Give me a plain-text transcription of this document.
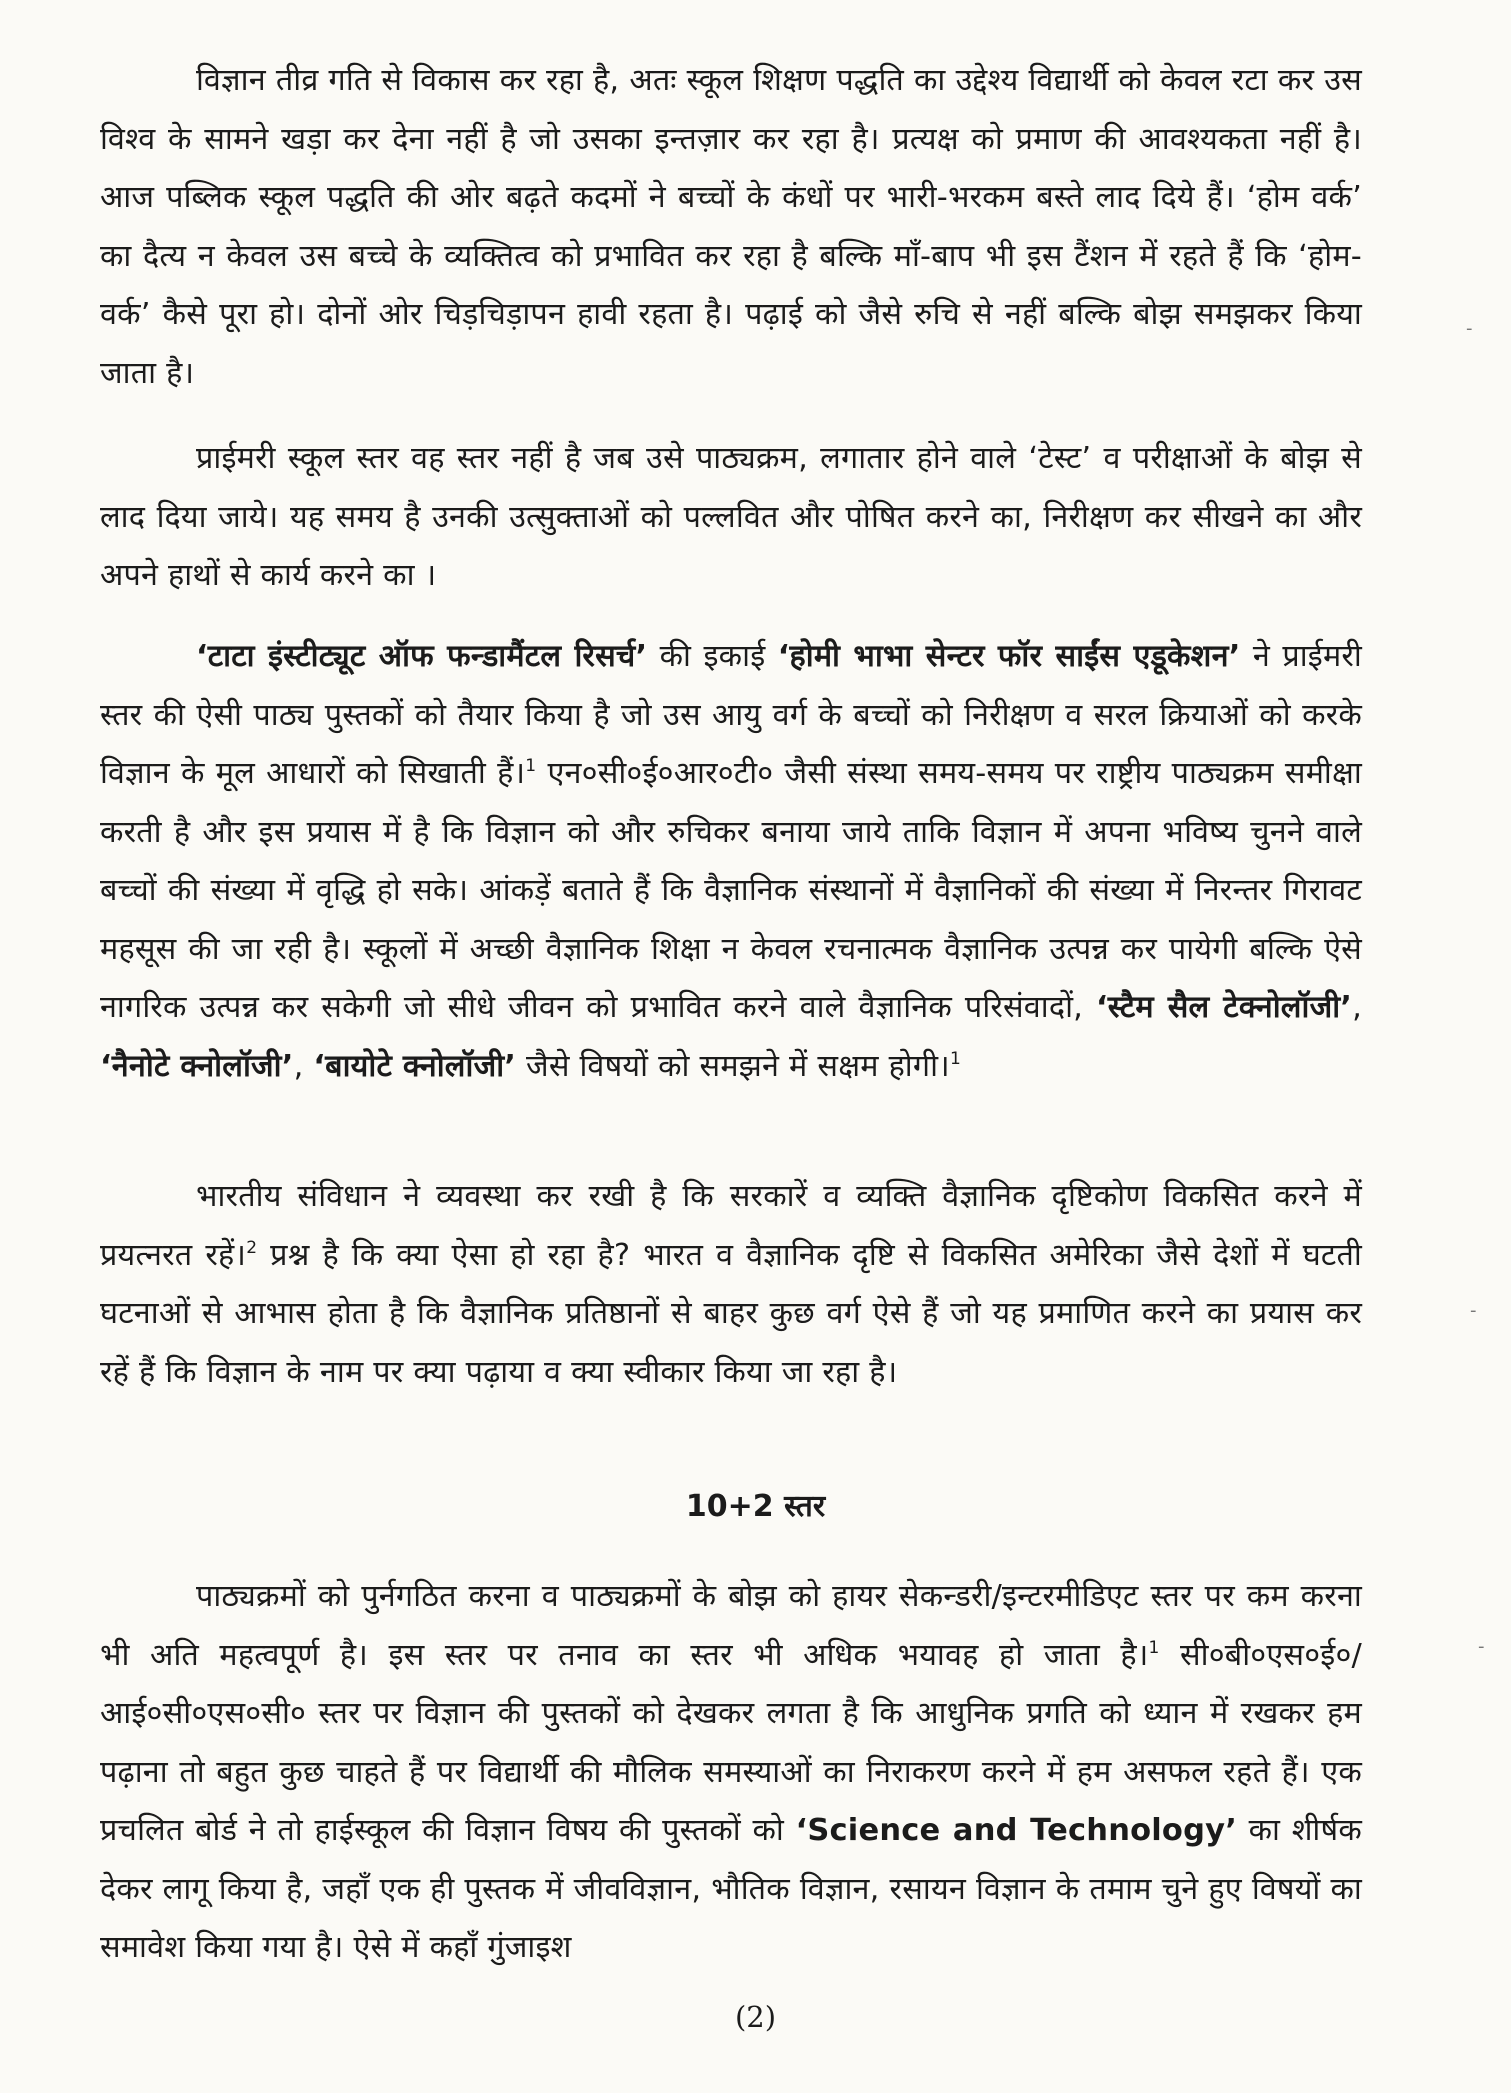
विज्ञान तीव्र गति से विकास कर रहा है, अतः स्कूल शिक्षण पद्धति का उद्देश्य विद्यार्थी को केवल रटा कर उस विश्व के सामने खड़ा कर देना नहीं है जो उसका इन्तज़ार कर रहा है। प्रत्यक्ष को प्रमाण की आवश्यकता नहीं है। आज पब्लिक स्कूल पद्धति की ओर बढ़ते कदमों ने बच्चों के कंधों पर भारी-भरकम बस्ते लाद दिये हैं। ‘होम वर्क’ का दैत्य न केवल उस बच्चे के व्यक्तित्व को प्रभावित कर रहा है बल्कि माँ-बाप भी इस टैंशन में रहते हैं कि ‘होम-वर्क’ कैसे पूरा हो। दोनों ओर चिड़चिड़ापन हावी रहता है। पढ़ाई को जैसे रुचि से नहीं बल्कि बोझ समझकर किया जाता है।

प्राईमरी स्कूल स्तर वह स्तर नहीं है जब उसे पाठ्यक्रम, लगातार होने वाले ‘टेस्ट’ व परीक्षाओं के बोझ से लाद दिया जाये। यह समय है उनकी उत्सुक्ताओं को पल्लवित और पोषित करने का, निरीक्षण कर सीखने का और अपने हाथों से कार्य करने का ।

‘टाटा इंस्टीट्यूट ऑफ फन्डामैंटल रिसर्च’ की इकाई ‘होमी भाभा सेन्टर फॉर साईंस एडूकेशन’ ने प्राईमरी स्तर की ऐसी पाठ्य पुस्तकों को तैयार किया है जो उस आयु वर्ग के बच्चों को निरीक्षण व सरल क्रियाओं को करके विज्ञान के मूल आधारों को सिखाती हैं।$^1$ एन०सी०ई०आर०टी० जैसी संस्था समय-समय पर राष्ट्रीय पाठ्यक्रम समीक्षा करती है और इस प्रयास में है कि विज्ञान को और रुचिकर बनाया जाये ताकि विज्ञान में अपना भविष्य चुनने वाले बच्चों की संख्या में वृद्धि हो सके। आंकड़ें बताते हैं कि वैज्ञानिक संस्थानों में वैज्ञानिकों की संख्या में निरन्तर गिरावट महसूस की जा रही है। स्कूलों में अच्छी वैज्ञानिक शिक्षा न केवल रचनात्मक वैज्ञानिक उत्पन्न कर पायेगी बल्कि ऐसे नागरिक उत्पन्न कर सकेगी जो सीधे जीवन को प्रभावित करने वाले वैज्ञानिक परिसंवादों, ‘स्टैम सैल टेक्नोलॉजी’, ‘नैनोटे क्नोलॉजी’, ‘बायोटे क्नोलॉजी’ जैसे विषयों को समझने में सक्षम होगी।$^1$

भारतीय संविधान ने व्यवस्था कर रखी है कि सरकारें व व्यक्ति वैज्ञानिक दृष्टिकोण विकसित करने में प्रयत्नरत रहें।$^2$ प्रश्न है कि क्या ऐसा हो रहा है? भारत व वैज्ञानिक दृष्टि से विकसित अमेरिका जैसे देशों में घटती घटनाओं से आभास होता है कि वैज्ञानिक प्रतिष्ठानों से बाहर कुछ वर्ग ऐसे हैं जो यह प्रमाणित करने का प्रयास कर रहें हैं कि विज्ञान के नाम पर क्या पढ़ाया व क्या स्वीकार किया जा रहा है।

10+2 स्तर

पाठ्यक्रमों को पुर्नगठित करना व पाठ्यक्रमों के बोझ को हायर सेकन्डरी/इन्टरमीडिएट स्तर पर कम करना भी अति महत्वपूर्ण है। इस स्तर पर तनाव का स्तर भी अधिक भयावह हो जाता है।$^1$ सी०बी०एस०ई०/आई०सी०एस०सी० स्तर पर विज्ञान की पुस्तकों को देखकर लगता है कि आधुनिक प्रगति को ध्यान में रखकर हम पढ़ाना तो बहुत कुछ चाहते हैं पर विद्यार्थी की मौलिक समस्याओं का निराकरण करने में हम असफल रहते हैं। एक प्रचलित बोर्ड ने तो हाईस्कूल की विज्ञान विषय की पुस्तकों को ‘Science and Technology’ का शीर्षक देकर लागू किया है, जहाँ एक ही पुस्तक में जीवविज्ञान, भौतिक विज्ञान, रसायन विज्ञान के तमाम चुने हुए विषयों का समावेश किया गया है। ऐसे में कहाँ गुंजाइश

(2)

-
-
-
